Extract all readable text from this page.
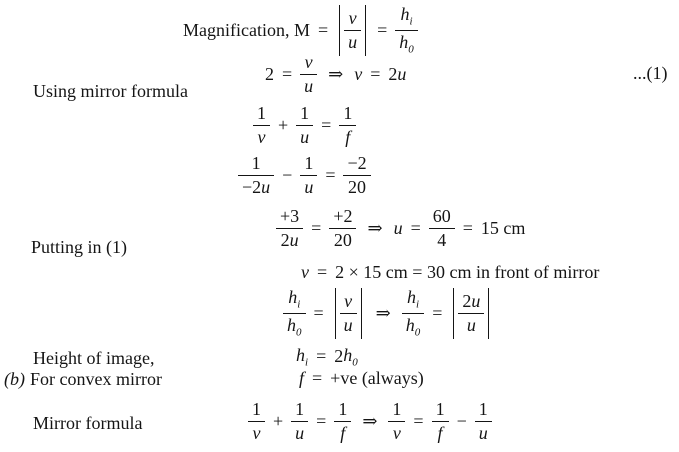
Magnification, $M = \frac{v}{u} = \frac{h_i}{h_0}$
$2 = \frac{v}{u}$ ⇒ v = 2 u	...(1)
Using mirror formula
$\frac{1}{v} + \frac{1}{u} = \frac{1}{f}$
$\frac{1}{-2u} - \frac{1}{u} = \frac{-2}{20}$
$\frac{+3}{2u} = \frac{+2}{20}$ ⇒ $u = \frac{60}{4} = 15$ cm
Putting in (1)
v = 2 × 15 cm = 30 cm in front of mirror
$\frac{h_i}{h_0} = \frac{v}{u}$ ⇒ $\frac{h_i}{h_0} = \frac{2u}{u}$
Height of image,	$h_i = 2$ $h_0$
(b) For convex mirror	f = +ve (always)
Mirror formula	$\frac{1}{v} + \frac{1}{u} = \frac{1}{f}$ ⇒ $\frac{1}{v} = \frac{1}{f} - \frac{1}{u}$
